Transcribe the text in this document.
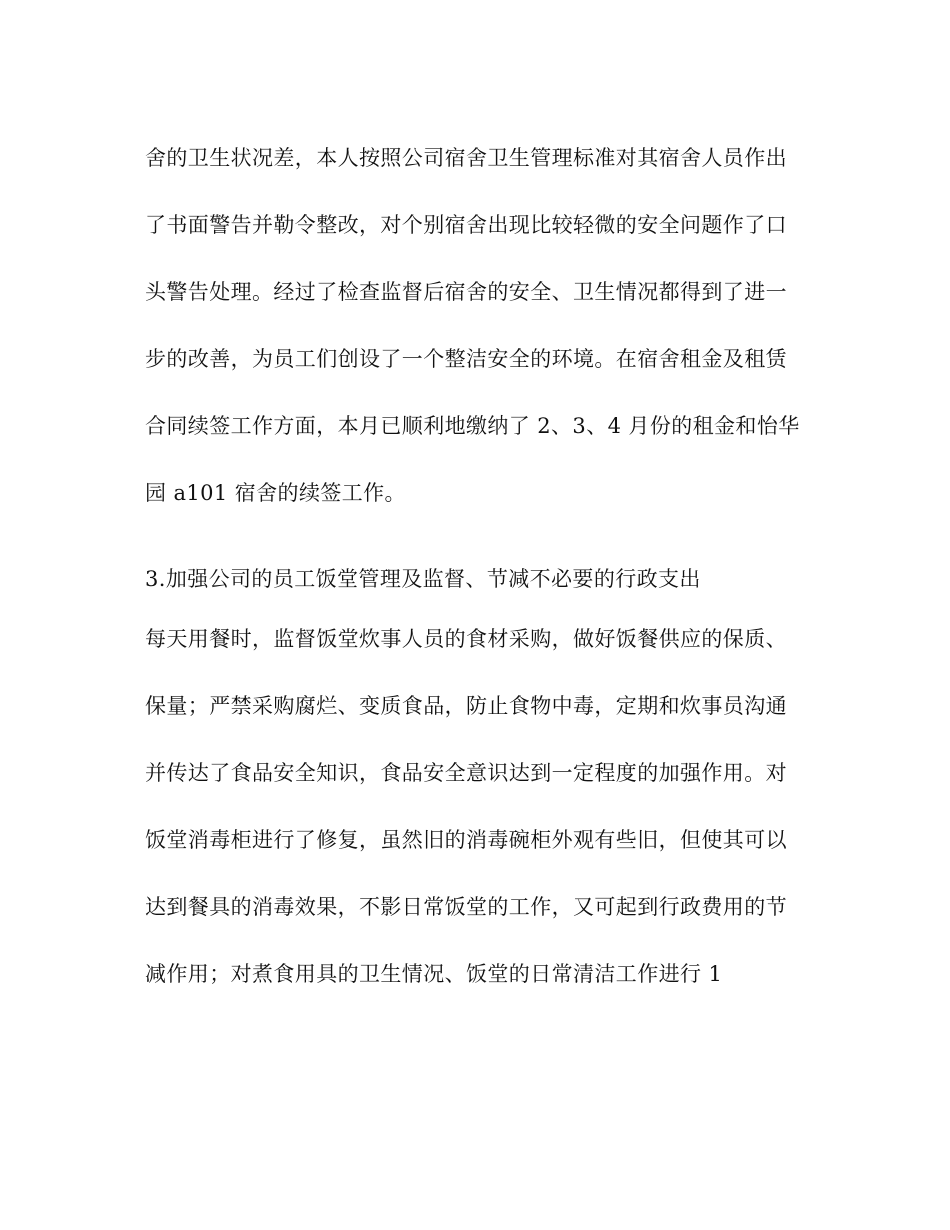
舍的卫生状况差，本人按照公司宿舍卫生管理标准对其宿舍人员作出
了书面警告并勒令整改，对个别宿舍出现比较轻微的安全问题作了口
头警告处理。经过了检查监督后宿舍的安全、卫生情况都得到了进一
步的改善，为员工们创设了一个整洁安全的环境。在宿舍租金及租赁
合同续签工作方面，本月已顺利地缴纳了 2、3、4 月份的租金和怡华
园 a101 宿舍的续签工作。
3.加强公司的员工饭堂管理及监督、节减不必要的行政支出
每天用餐时，监督饭堂炊事人员的食材采购，做好饭餐供应的保质、
保量；严禁采购腐烂、变质食品，防止食物中毒，定期和炊事员沟通
并传达了食品安全知识，食品安全意识达到一定程度的加强作用。对
饭堂消毒柜进行了修复，虽然旧的消毒碗柜外观有些旧，但使其可以
达到餐具的消毒效果，不影日常饭堂的工作，又可起到行政费用的节
减作用；对煮食用具的卫生情况、饭堂的日常清洁工作进行 1
